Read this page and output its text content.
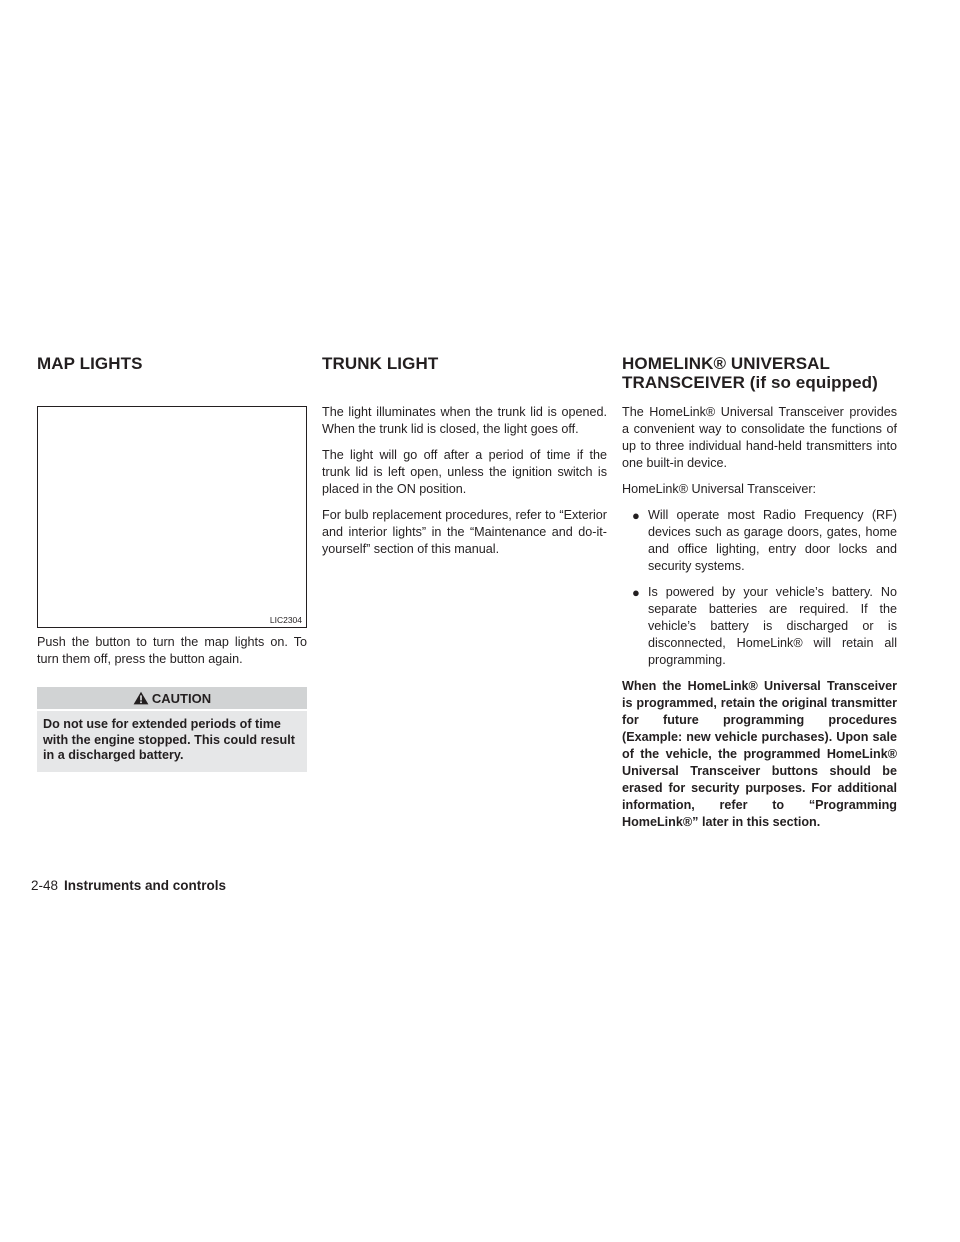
MAP LIGHTS	TRUNK LIGHT	HOMELINK® UNIVERSAL
TRANSCEIVER (if so equipped)
LIC2304

Push the button to turn the map lights on. To turn them off, press the button again.

CAUTION
Do not use for extended periods of time with the engine stopped. This could result in a discharged battery.

The light illuminates when the trunk lid is opened. When the trunk lid is closed, the light goes off.

The light will go off after a period of time if the trunk lid is left open, unless the ignition switch is placed in the ON position.

For bulb replacement procedures, refer to “Exterior and interior lights” in the “Maintenance and do-it-yourself” section of this manual.

The HomeLink® Universal Transceiver provides a convenient way to consolidate the functions of up to three individual hand-held transmitters into one built-in device.

HomeLink® Universal Transceiver:

● Will operate most Radio Frequency (RF) devices such as garage doors, gates, home and office lighting, entry door locks and security systems.
● Is powered by your vehicle’s battery. No separate batteries are required. If the vehicle’s battery is discharged or is disconnected, HomeLink® will retain all programming.

When the HomeLink® Universal Transceiver is programmed, retain the original transmitter for future programming procedures (Example: new vehicle purchases). Upon sale of the vehicle, the programmed HomeLink® Universal Transceiver buttons should be erased for security purposes. For additional information, refer to “Programming HomeLink®” later in this section.

2-48 Instruments and controls
